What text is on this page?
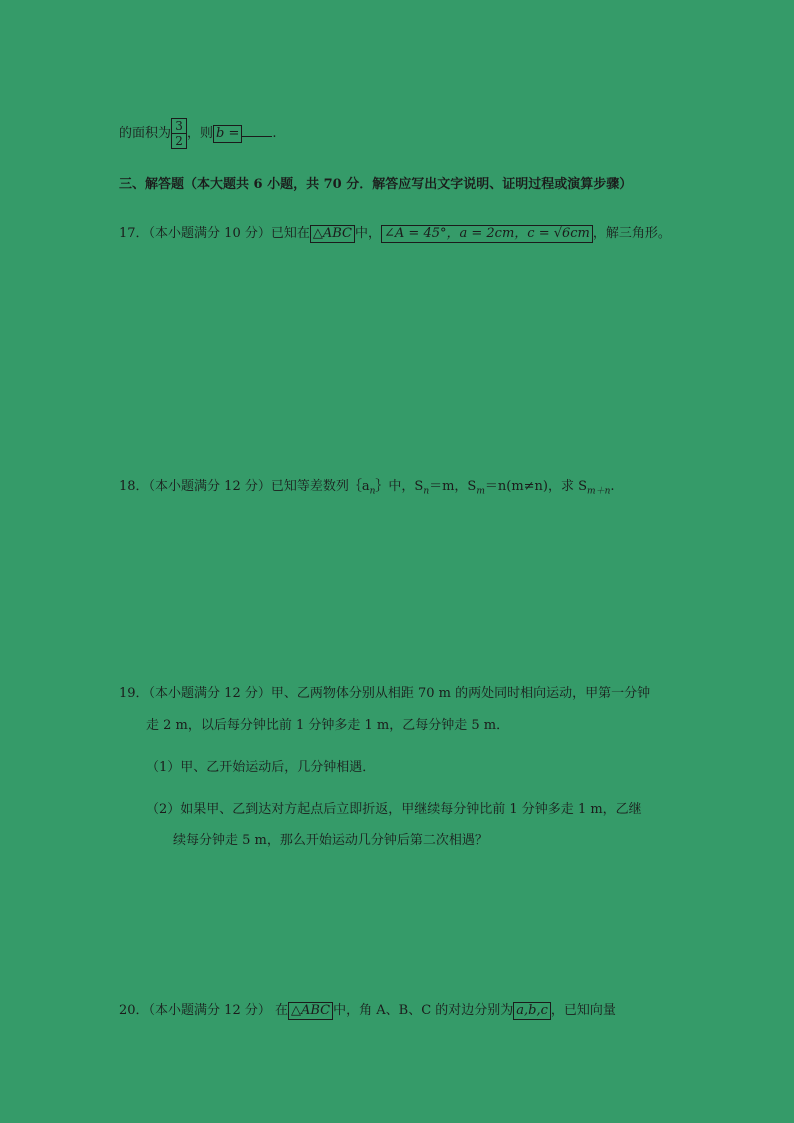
的面积为 $\frac{3}{2}$ ，则 b =	.
三、解答题（本大题共 6 小题，共 70 分．解答应写出文字说明、证明过程或演算步骤）
17．（本小题满分 10 分）已知在 △ABC 中， ∠A = 45°，a = 2cm，c = √6cm ，解三角形。
18．（本小题满分 12 分）已知等差数列$\{a_n\}$中，$S_n=m$，$S_m=n(m\ne n)$，求 $S_{m+n}$.
19．（本小题满分 12 分）甲、乙两物体分别从相距 70 m 的两处同时相向运动，甲第一分钟
走 2 m，以后每分钟比前 1 分钟多走 1 m，乙每分钟走 5 m．
（1）甲、乙开始运动后，几分钟相遇．
（2）如果甲、乙到达对方起点后立即折返，甲继续每分钟比前 1 分钟多走 1 m，乙继
续每分钟走 5 m，那么开始运动几分钟后第二次相遇？
20．（本小题满分 12 分） 在 △ABC 中，角 A、B、C 的对边分别为 a,b,c ，已知向量
